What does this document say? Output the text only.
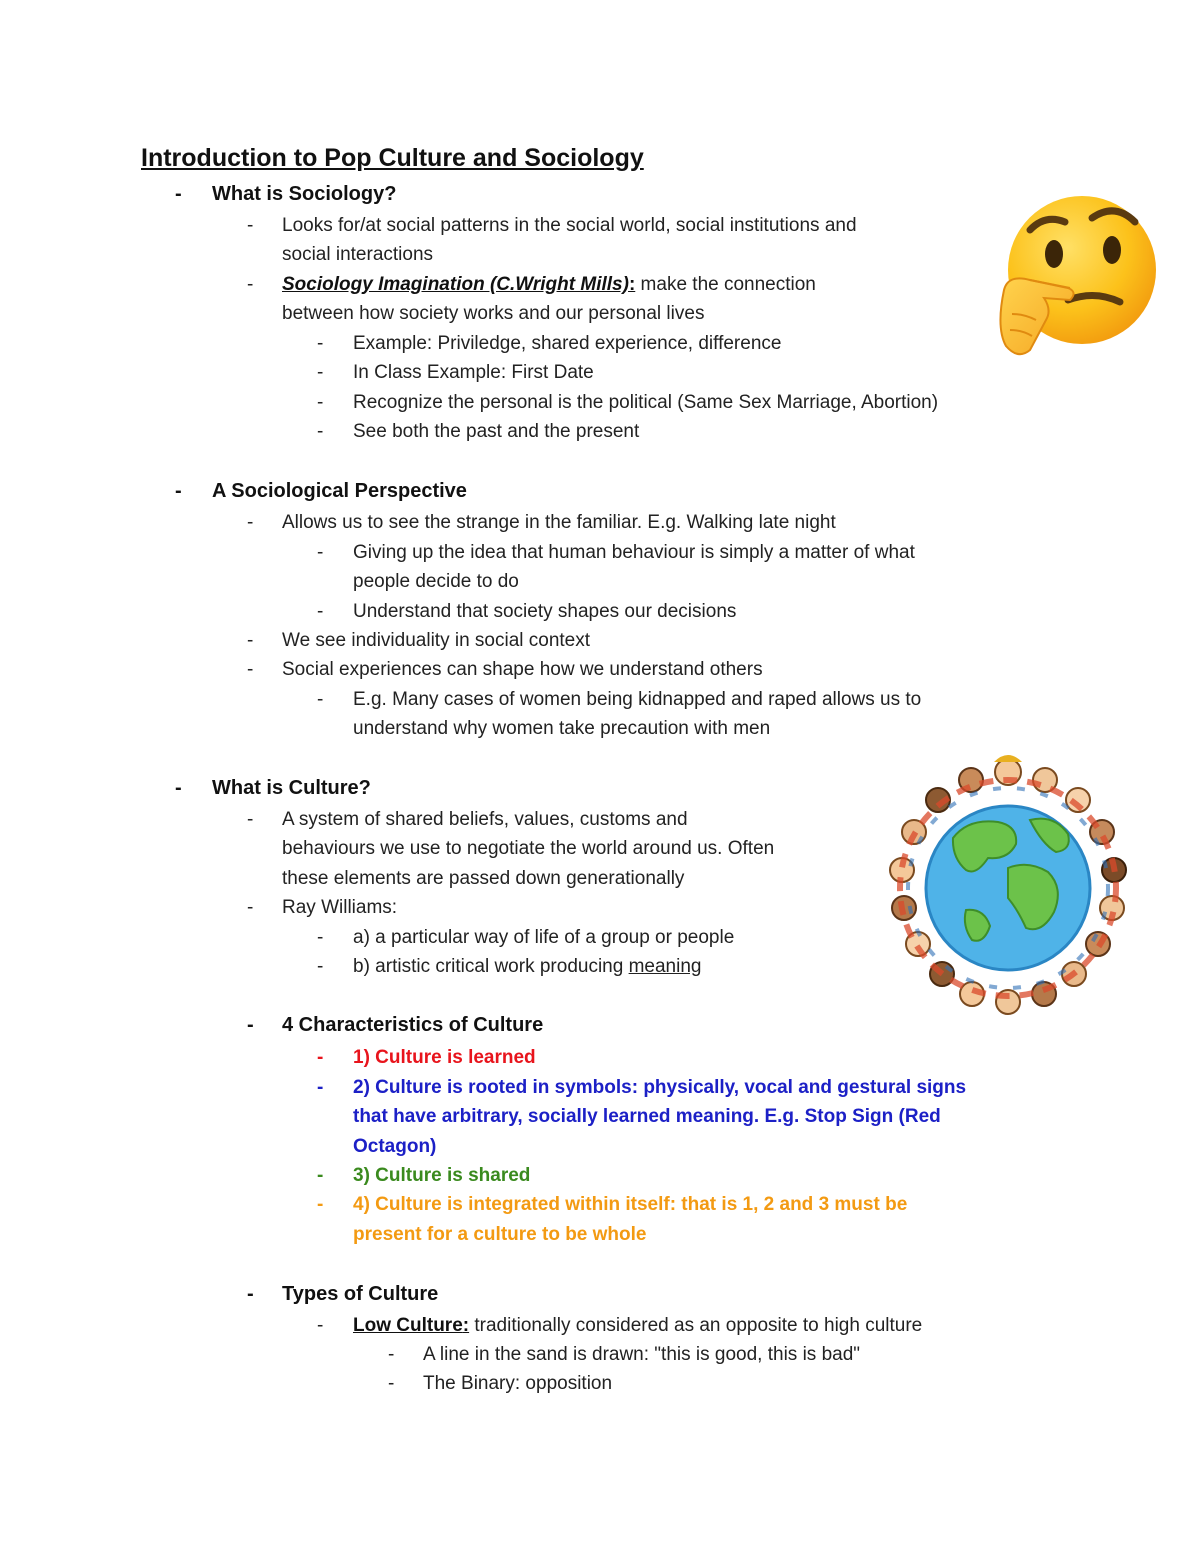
Introduction to Pop Culture and Sociology
- What is Sociology?
- Looks for/at social patterns in the social world, social institutions and
social interactions
- Sociology Imagination (C.Wright Mills): make the connection
between how society works and our personal lives
- Example: Priviledge, shared experience, difference
- In Class Example: First Date
- Recognize the personal is the political (Same Sex Marriage, Abortion)
- See both the past and the present
- A Sociological Perspective
- Allows us to see the strange in the familiar. E.g. Walking late night
- Giving up the idea that human behaviour is simply a matter of what
people decide to do
- Understand that society shapes our decisions
- We see individuality in social context
- Social experiences can shape how we understand others
- E.g. Many cases of women being kidnapped and raped allows us to
understand why women take precaution with men
- What is Culture?
- A system of shared beliefs, values, customs and
behaviours we use to negotiate the world around us. Often
these elements are passed down generationally
- Ray Williams:
- a) a particular way of life of a group or people
- b) artistic critical work producing meaning
- 4 Characteristics of Culture
- 1) Culture is learned
- 2) Culture is rooted in symbols: physically, vocal and gestural signs
that have arbitrary, socially learned meaning. E.g. Stop Sign (Red
Octagon)
- 3) Culture is shared
- 4) Culture is integrated within itself: that is 1, 2 and 3 must be
present for a culture to be whole
- Types of Culture
- Low Culture: traditionally considered as an opposite to high culture
- A line in the sand is drawn: "this is good, this is bad"
- The Binary: opposition
